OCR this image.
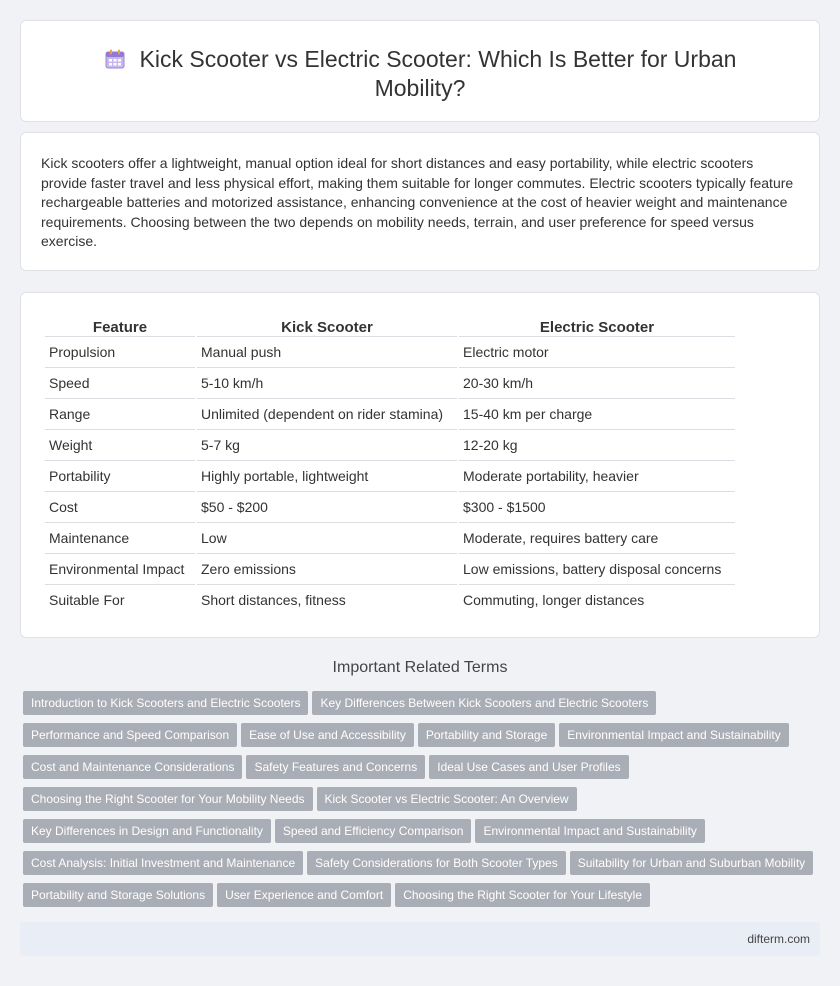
Kick Scooter vs Electric Scooter: Which Is Better for Urban Mobility?

Kick scooters offer a lightweight, manual option ideal for short distances and easy portability, while electric scooters provide faster travel and less physical effort, making them suitable for longer commutes. Electric scooters typically feature rechargeable batteries and motorized assistance, enhancing convenience at the cost of heavier weight and maintenance requirements. Choosing between the two depends on mobility needs, terrain, and user preference for speed versus exercise.

Feature	Kick Scooter	Electric Scooter
Propulsion	Manual push	Electric motor
Speed	5-10 km/h	20-30 km/h
Range	Unlimited (dependent on rider stamina)	15-40 km per charge
Weight	5-7 kg	12-20 kg
Portability	Highly portable, lightweight	Moderate portability, heavier
Cost	$50 - $200	$300 - $1500
Maintenance	Low	Moderate, requires battery care
Environmental Impact	Zero emissions	Low emissions, battery disposal concerns
Suitable For	Short distances, fitness	Commuting, longer distances
Important Related Terms
Introduction to Kick Scooters and Electric Scooters Key Differences Between Kick Scooters and Electric Scooters
Performance and Speed Comparison Ease of Use and Accessibility Portability and Storage Environmental Impact and Sustainability
Cost and Maintenance Considerations Safety Features and Concerns Ideal Use Cases and User Profiles
Choosing the Right Scooter for Your Mobility Needs Kick Scooter vs Electric Scooter: An Overview
Key Differences in Design and Functionality Speed and Efficiency Comparison Environmental Impact and Sustainability
Cost Analysis: Initial Investment and Maintenance Safety Considerations for Both Scooter Types Suitability for Urban and Suburban Mobility
Portability and Storage Solutions User Experience and Comfort Choosing the Right Scooter for Your Lifestyle
difterm.com
